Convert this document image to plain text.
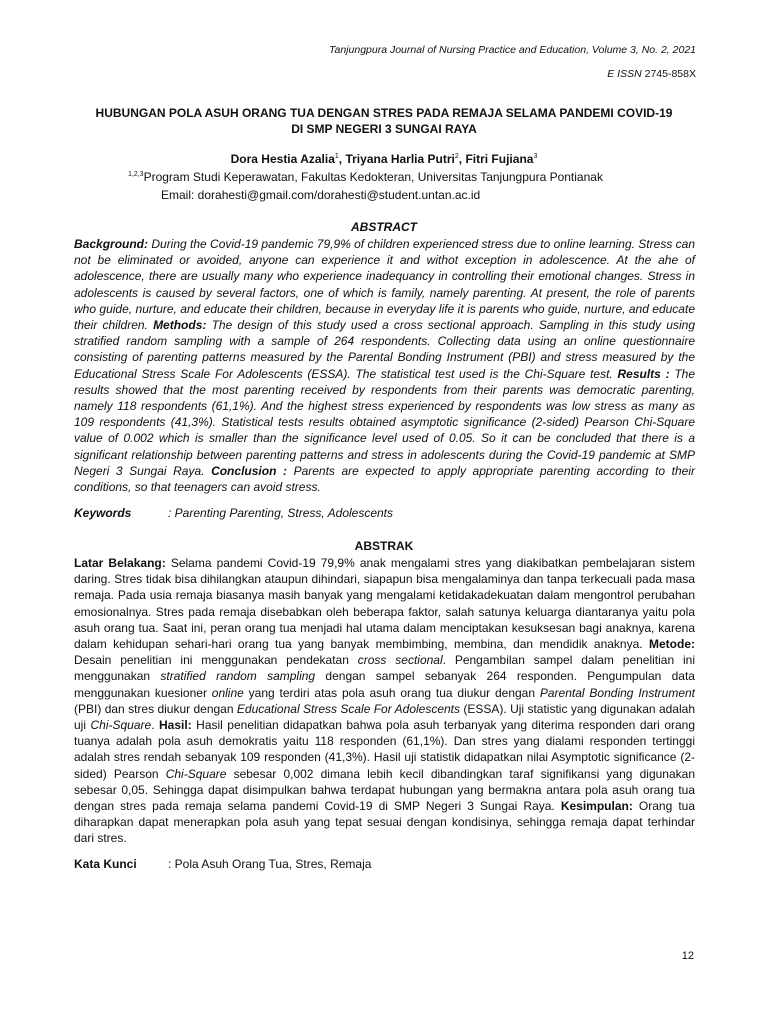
Tanjungpura Journal of Nursing Practice and Education, Volume 3, No. 2, 2021
E ISSN 2745-858X
HUBUNGAN POLA ASUH ORANG TUA DENGAN STRES PADA REMAJA SELAMA PANDEMI COVID-19
DI SMP NEGERI 3 SUNGAI RAYA
Dora Hestia Azalia$^1$, Triyana Harlia Putri$^2$, Fitri Fujiana$^3$
$^{1,2,3}$Program Studi Keperawatan, Fakultas Kedokteran, Universitas Tanjungpura Pontianak
Email: dorahesti@gmail.com/dorahesti@student.untan.ac.id
ABSTRACT
Background: During the Covid-19 pandemic 79,9% of children experienced stress due to online learning. Stress can not be eliminated or avoided, anyone can experience it and withot exception in adolescence. At the ahe of adolescence, there are usually many who experience inadequancy in controlling their emotional changes. Stress in adolescents is caused by several factors, one of which is family, namely parenting. At present, the role of parents who guide, nurture, and educate their children, because in everyday life it is parents who guide, nurture, and educate their children. Methods: The design of this study used a cross sectional approach. Sampling in this study using stratified random sampling with a sample of 264 respondents. Collecting data using an online questionnaire consisting of parenting patterns measured by the Parental Bonding Instrument (PBI) and stress measured by the Educational Stress Scale For Adolescents (ESSA). The statistical test used is the Chi-Square test. Results : The results showed that the most parenting received by respondents from their parents was democratic parenting, namely 118 respondents (61,1%). And the highest stress experienced by respondents was low stress as many as 109 respondents (41,3%). Statistical tests results obtained asymptotic significance (2-sided) Pearson Chi-Square value of 0.002 which is smaller than the significance level used of 0.05. So it can be concluded that there is a significant relationship between parenting patterns and stress in adolescents during the Covid-19 pandemic at SMP Negeri 3 Sungai Raya. Conclusion : Parents are expected to apply appropriate parenting according to their conditions, so that teenagers can avoid stress.
Keywords	: Parenting Parenting, Stress, Adolescents
ABSTRAK
Latar Belakang: Selama pandemi Covid-19 79,9% anak mengalami stres yang diakibatkan pembelajaran sistem daring. Stres tidak bisa dihilangkan ataupun dihindari, siapapun bisa mengalaminya dan tanpa terkecuali pada masa remaja. Pada usia remaja biasanya masih banyak yang mengalami ketidakadekuatan dalam mengontrol perubahan emosionalnya. Stres pada remaja disebabkan oleh beberapa faktor, salah satunya keluarga diantaranya yaitu pola asuh orang tua. Saat ini, peran orang tua menjadi hal utama dalam menciptakan kesuksesan bagi anaknya, karena dalam kehidupan sehari-hari orang tua yang banyak membimbing, membina, dan mendidik anaknya. Metode: Desain penelitian ini menggunakan pendekatan cross sectional. Pengambilan sampel dalam penelitian ini menggunakan stratified random sampling dengan sampel sebanyak 264 responden. Pengumpulan data menggunakan kuesioner online yang terdiri atas pola asuh orang tua diukur dengan Parental Bonding Instrument (PBI) dan stres diukur dengan Educational Stress Scale For Adolescents (ESSA). Uji statistic yang digunakan adalah uji Chi-Square. Hasil: Hasil penelitian didapatkan bahwa pola asuh terbanyak yang diterima responden dari orang tuanya adalah pola asuh demokratis yaitu 118 responden (61,1%). Dan stres yang dialami responden tertinggi adalah stres rendah sebanyak 109 responden (41,3%). Hasil uji statistik didapatkan nilai Asymptotic significance (2-sided) Pearson Chi-Square sebesar 0,002 dimana lebih kecil dibandingkan taraf signifikansi yang digunakan sebesar 0,05. Sehingga dapat disimpulkan bahwa terdapat hubungan yang bermakna antara pola asuh orang tua dengan stres pada remaja selama pandemi Covid-19 di SMP Negeri 3 Sungai Raya. Kesimpulan: Orang tua diharapkan dapat menerapkan pola asuh yang tepat sesuai dengan kondisinya, sehingga remaja dapat terhindar dari stres.
Kata Kunci	: Pola Asuh Orang Tua, Stres, Remaja
12
